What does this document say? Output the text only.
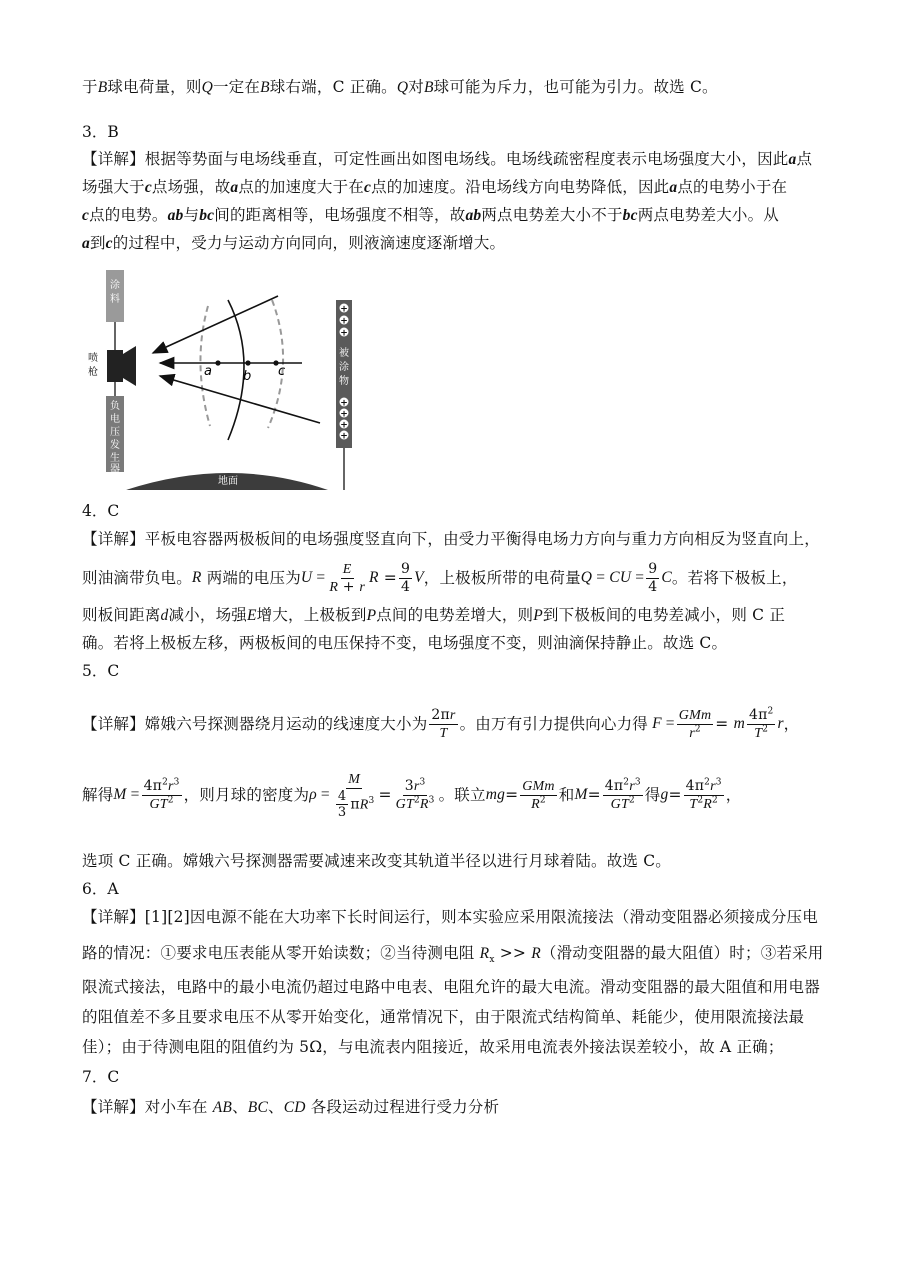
于B球电荷量，则Q一定在B球右端，C 正确。Q对B球可能为斥力，也可能为引力。故选 C。
3．B
【详解】根据等势面与电场线垂直，可定性画出如图电场线。电场线疏密程度表示电场强度大小，因此a点
场强大于c点场强，故a点的加速度大于在c点的加速度。沿电场线方向电势降低，因此a点的电势小于在
c点的电势。ab与bc间的距离相等，电场强度不相等，故ab两点电势差大小不于bc两点电势差大小。从
a到c的过程中，受力与运动方向同向，则液滴速度逐渐增大。
涂
料
喷
枪
负
电
压
发
生
器
a b c
+
+
+
被
涂
物
+
+
+
+
地面
4．C
【详解】平板电容器两极板间的电场强度竖直向下，由受力平衡得电场力方向与重力方向相反为竖直向上，
则油滴带负电。 R 两端的电压为 $U = \frac{E}{R + r}$ $R = \frac{9}{4}$ V ，上极板所带的电荷量 Q = CU = $\frac{9}{4}$ C 。若将下极板上，
则板间距离d减小，场强E增大，上极板到P点间的电势差增大，则P到下极板间的电势差减小，则 C 正
确。若将上极板左移，两极板间的电压保持不变，电场强度不变，则油滴保持静止。故选 C。
5．C
【详解】嫦娥六号探测器绕月运动的线速度大小为 $\frac{2\pi r}{T}$ 。由万有引力提供向心力得 $F = \frac{\text{GMm}}{r^2} = m \frac{4\pi^2}{T^2}$ r ，
解得 $M = \frac{4\pi^2r^3}{GT^2}$ ，则月球的密度为 $\rho = \frac{M}{\frac{4}{3} \pi R^3} = \frac{3r^3}{GT^2R^3}$ 。联立 mg = $\frac{\text{GMm}}{R^2}$ 和 $M = \frac{4\pi^2r^3}{GT^2}$ 得 $g = \frac{4\pi^2r^3}{T^2R^2}$ ，
选项 C 正确。嫦娥六号探测器需要减速来改变其轨道半径以进行月球着陆。故选 C。
6．A
【详解】[1][2]因电源不能在大功率下长时间运行，则本实验应采用限流接法（滑动变阻器必须接成分压电
路的情况：①要求电压表能从零开始读数；②当待测电阻 $R_x >> R$（滑动变阻器的最大阻值）时；③若采用
限流式接法，电路中的最小电流仍超过电路中电表、电阻允许的最大电流。滑动变阻器的最大阻值和用电器
的阻值差不多且要求电压不从零开始变化，通常情况下，由于限流式结构简单、耗能少，使用限流接法最
佳）；由于待测电阻的阻值约为 5Ω，与电流表内阻接近，故采用电流表外接法误差较小，故 A 正确；
7．C
【详解】对小车在 AB、BC、CD 各段运动过程进行受力分析
